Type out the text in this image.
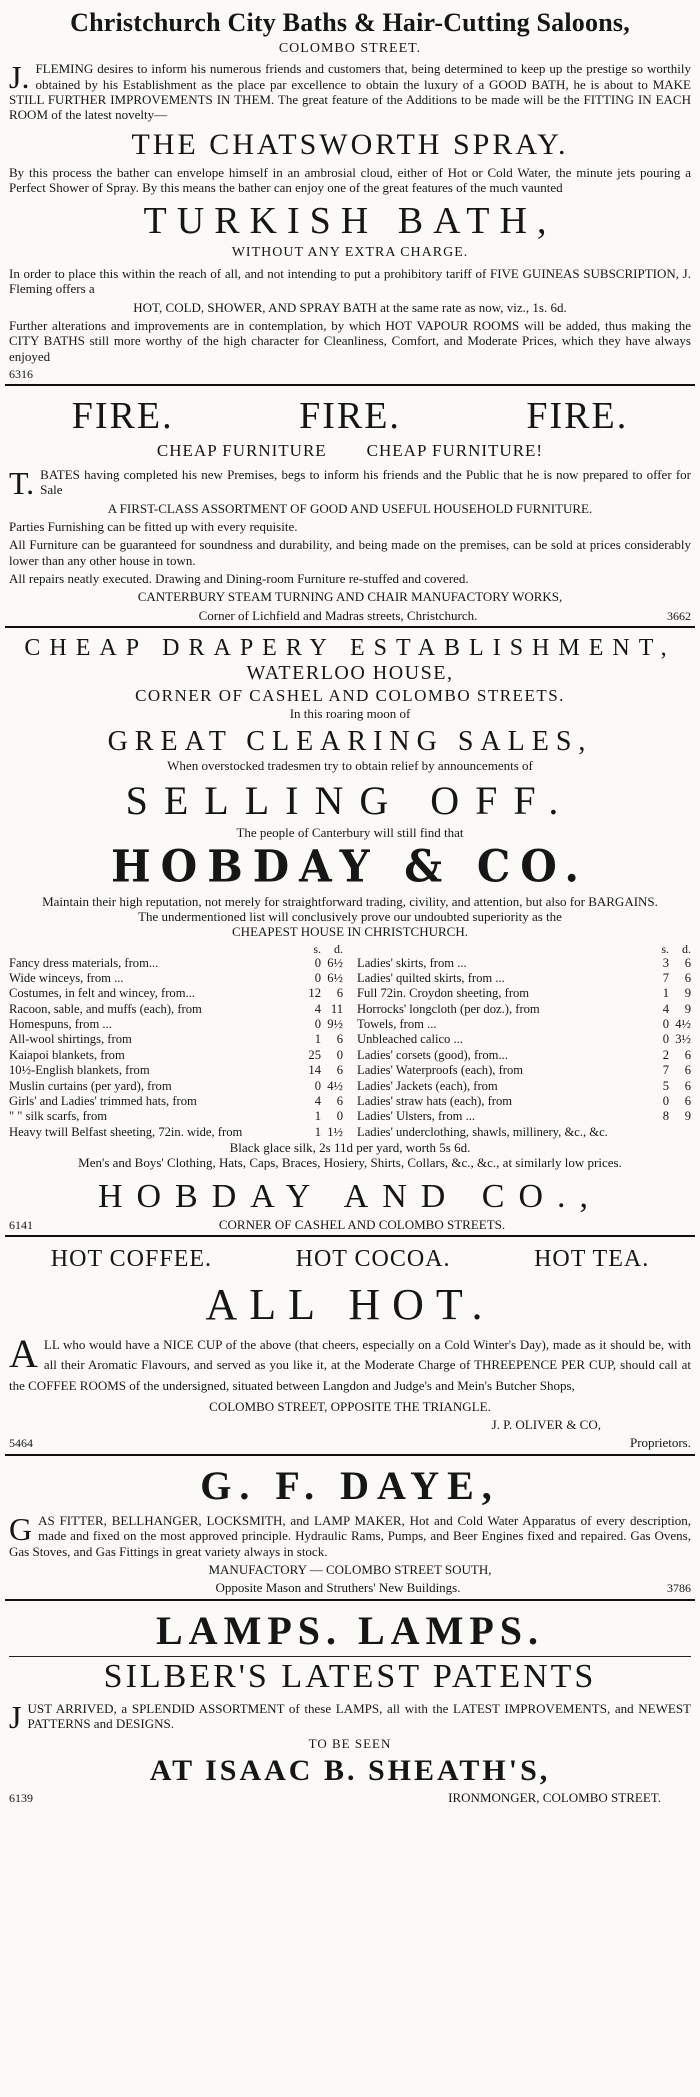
Christchurch City Baths & Hair-Cutting Saloons,
COLOMBO STREET.

J. FLEMING desires to inform his numerous friends and customers that, being determined to keep up the prestige so worthily obtained by his Establishment as the place par excellence to obtain the luxury of a GOOD BATH, he is about to MAKE STILL FURTHER IMPROVEMENTS IN THEM. The great feature of the Additions to be made will be the FITTING IN EACH ROOM of the latest novelty—

THE CHATSWORTH SPRAY.

By this process the bather can envelope himself in an ambrosial cloud, either of Hot or Cold Water, the minute jets pouring a Perfect Shower of Spray. By this means the bather can enjoy one of the great features of the much vaunted

TURKISH BATH,
WITHOUT ANY EXTRA CHARGE.

In order to place this within the reach of all, and not intending to put a prohibitory tariff of FIVE GUINEAS SUBSCRIPTION, J. Fleming offers a

HOT, COLD, SHOWER, AND SPRAY BATH at the same rate as now, viz., 1s. 6d.

Further alterations and improvements are in contemplation, by which HOT VAPOUR ROOMS will be added, thus making the CITY BATHS still more worthy of the high character for Cleanliness, Comfort, and Moderate Prices, which they have always enjoyed

6316
FIRE.	FIRE.	FIRE.
CHEAP FURNITURE CHEAP FURNITURE!

T. BATES having completed his new Premises, begs to inform his friends and the Public that he is now prepared to offer for Sale

A FIRST-CLASS ASSORTMENT OF GOOD AND USEFUL HOUSEHOLD FURNITURE.

Parties Furnishing can be fitted up with every requisite.

All Furniture can be guaranteed for soundness and durability, and being made on the premises, can be sold at prices considerably lower than any other house in town.

All repairs neatly executed. Drawing and Dining-room Furniture re-stuffed and covered.

CANTERBURY STEAM TURNING AND CHAIR MANUFACTORY WORKS,

Corner of Lichfield and Madras streets, Christchurch.	3662
CHEAP DRAPERY ESTABLISHMENT,
WATERLOO HOUSE,
CORNER OF CASHEL AND COLOMBO STREETS.
In this roaring moon of
GREAT CLEARING SALES,
When overstocked tradesmen try to obtain relief by announcements of
SELLING OFF.
The people of Canterbury will still find that
HOBDAY & CO.
Maintain their high reputation, not merely for straightforward trading, civility, and attention, but also for BARGAINS.
The undermentioned list will conclusively prove our undoubted superiority as the
CHEAPEST HOUSE IN CHRISTCHURCH.
	s.	d.
Fancy dress materials, from...	0	6½
Wide winceys, from ...	0	6½
Costumes, in felt and wincey, from...	12	6
Racoon, sable, and muffs (each), from	4	11
Homespuns, from ...	0	9½
All-wool shirtings, from	1	6
Kaiapoi blankets, from	25	0
10½-English blankets, from	14	6
Muslin curtains (per yard), from	0	4½
Girls' and Ladies' trimmed hats, from	4	6
" " silk scarfs, from	1	0
Heavy twill Belfast sheeting, 72in. wide, from	1	1½
	s.	d.
Ladies' skirts, from ...	3	6
Ladies' quilted skirts, from ...	7	6
Full 72in. Croydon sheeting, from	1	9
Horrocks' longcloth (per doz.), from	4	9
Towels, from ...	0	4½
Unbleached calico ...	0	3½
Ladies' corsets (good), from...	2	6
Ladies' Waterproofs (each), from	7	6
Ladies' Jackets (each), from	5	6
Ladies' straw hats (each), from	0	6
Ladies' Ulsters, from ...	8	9
Ladies' underclothing, shawls, millinery, &c., &c.		
Black glace silk, 2s 11d per yard, worth 5s 6d.
Men's and Boys' Clothing, Hats, Caps, Braces, Hosiery, Shirts, Collars, &c., &c., at similarly low prices.
HOBDAY AND CO.,
6141	CORNER OF CASHEL AND COLOMBO STREETS.
HOT COFFEE.	HOT COCOA.	HOT TEA.
ALL HOT.

ALL who would have a NICE CUP of the above (that cheers, especially on a Cold Winter's Day), made as it should be, with all their Aromatic Flavours, and served as you like it, at the Moderate Charge of THREEPENCE PER CUP, should call at the COFFEE ROOMS of the undersigned, situated between Langdon and Judge's and Mein's Butcher Shops,

COLOMBO STREET, OPPOSITE THE TRIANGLE.

J. P. OLIVER & CO,

5464	Proprietors.
G. F. DAYE,

GAS FITTER, BELLHANGER, LOCKSMITH, and LAMP MAKER, Hot and Cold Water Apparatus of every description, made and fixed on the most approved principle. Hydraulic Rams, Pumps, and Beer Engines fixed and repaired. Gas Ovens, Gas Stoves, and Gas Fittings in great variety always in stock.

MANUFACTORY — COLOMBO STREET SOUTH,

Opposite Mason and Struthers' New Buildings.	3786
LAMPS. LAMPS.
SILBER'S LATEST PATENTS

JUST ARRIVED, a SPLENDID ASSORTMENT of these LAMPS, all with the LATEST IMPROVEMENTS, and NEWEST PATTERNS and DESIGNS.

TO BE SEEN
AT ISAAC B. SHEATH'S,
6139	IRONMONGER, COLOMBO STREET.
